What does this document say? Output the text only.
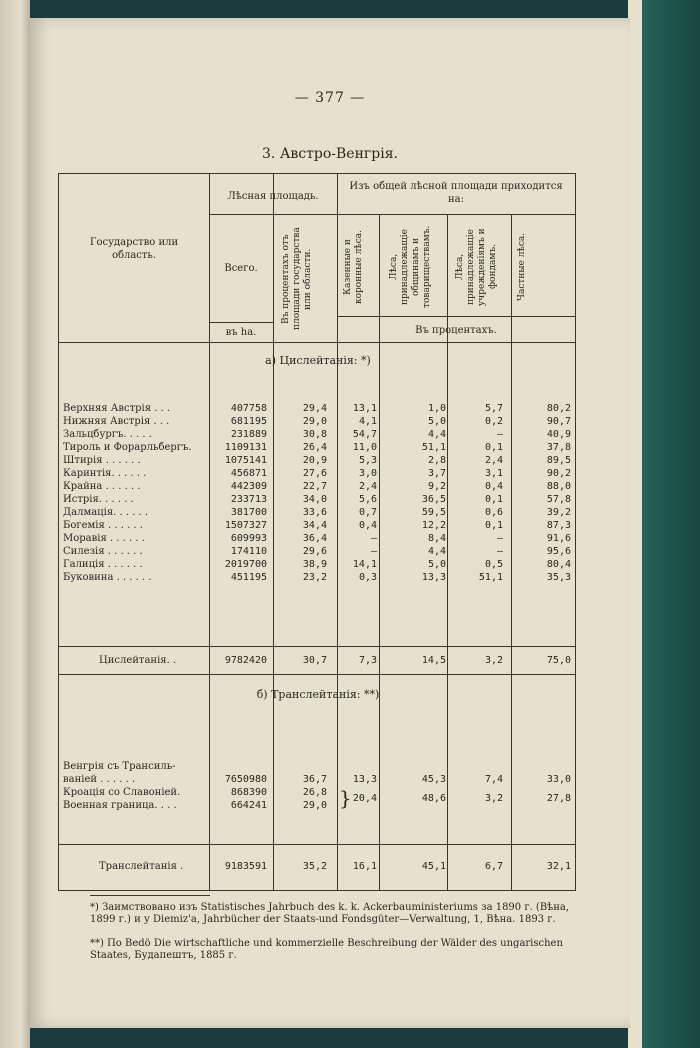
— 377 —
3. Австро-Венгрія.
Государство или область.
Лѣсная площадь.
Всего.
въ ha.
Въ процентахъ отъ площади государства или области.
Изъ общей лѣсной площади приходится на:
Казенные и коронные лѣса.	Лѣса, принадлежащіе общинамъ и товариществамъ.	Лѣса, принадлежащіе учрежденіямъ и фондамъ.	Частные лѣса.
Въ процентахъ.
а) Цислейтанія: *)
Верхняя Австрія . . .	407758	29,4	13,1	1,0	5,7	80,2
Нижняя Австрія . . .	681195	29,0	4,1	5,0	0,2	90,7
Зальцбургъ. . . . .	231889	30,8	54,7	4,4	—	40,9
Тироль и Форарльбергъ.	1109131	26,4	11,0	51,1	0,1	37,8
Штирія . . . . . .	1075141	20,9	5,3	2,8	2,4	89,5
Каринтія. . . . . .	456871	27,6	3,0	3,7	3,1	90,2
Крайна . . . . . .	442309	22,7	2,4	9,2	0,4	88,0
Истрія. . . . . .	233713	34,0	5,6	36,5	0,1	57,8
Далмація. . . . . .	381700	33,6	0,7	59,5	0,6	39,2
Богемія . . . . . .	1507327	34,4	0,4	12,2	0,1	87,3
Моравія . . . . . .	609993	36,4	—	8,4	—	91,6
Силезія . . . . . .	174110	29,6	—	4,4	—	95,6
Галиція . . . . . .	2019700	38,9	14,1	5,0	0,5	80,4
Буковина . . . . . .	451195	23,2	0,3	13,3	51,1	35,3
Цислейтанія. .	9782420	30,7	7,3	14,5	3,2	75,0
б) Транслейтанія: **)
Венгрія съ Трансиль-
ваніей . . . . . .	7650980	36,7	13,3	45,3	7,4	33,0
Кроація со Славоніей.	868390	26,8
Военная граница. . . .	664241	29,0 } 20,4	48,6	3,2	27,8
Транслейтанія .	9183591	35,2	16,1	45,1	6,7	32,1
*) Заимствовано изъ Statistisches Jahrbuch des k. k. Ackerbauministeriums за 1890 г. (Вѣна, 1899 г.) и у Diemiz'a, Jahrbücher der Staats-und Fondsgüter—Verwaltung, 1, Вѣна. 1893 г.
**) По Bedö Die wirtschaftliche und kommerzielle Beschreibung der Wälder des ungarischen Staates, Будапештъ, 1885 г.
